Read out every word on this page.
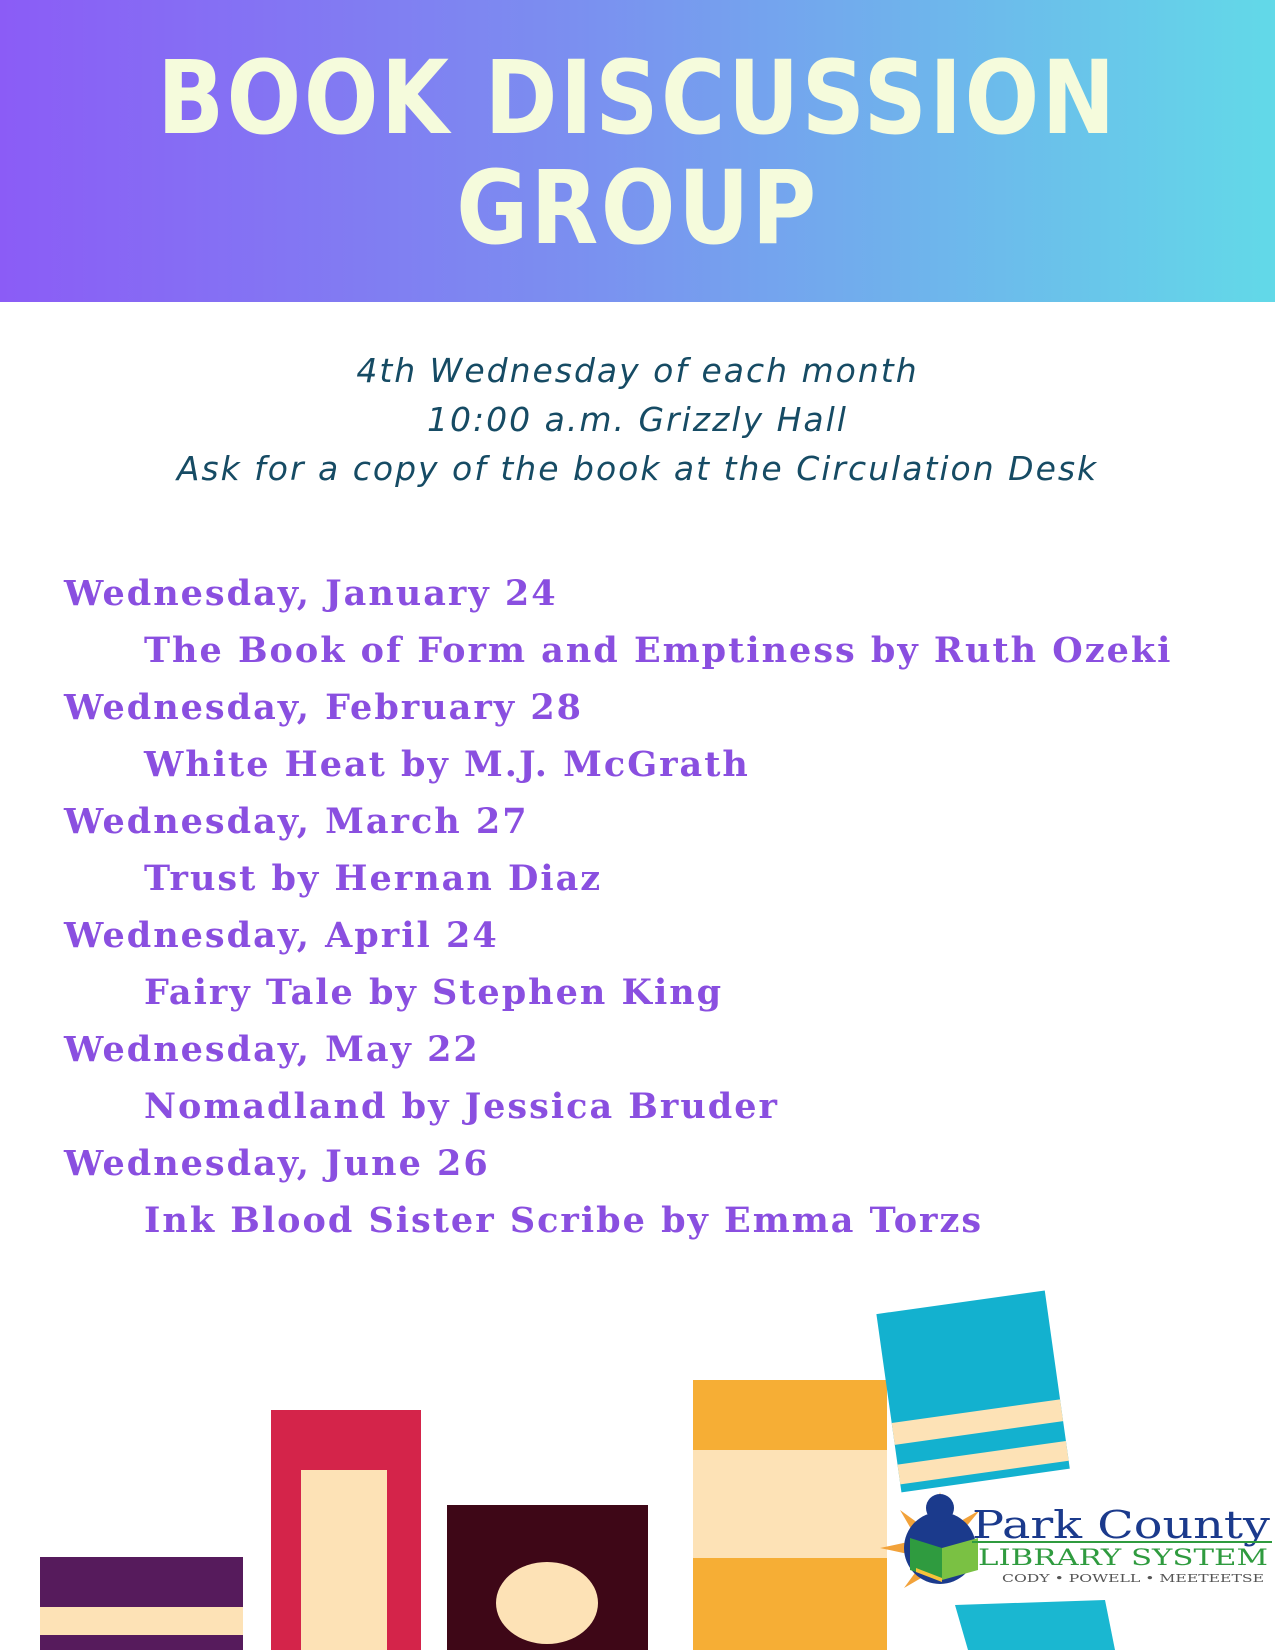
BOOK DISCUSSION
GROUP
4th Wednesday of each month
10:00 a.m. Grizzly Hall
Ask for a copy of the book at the Circulation Desk
Wednesday, January 24
The Book of Form and Emptiness by Ruth Ozeki
Wednesday, February 28
White Heat by M.J. McGrath
Wednesday, March 27
Trust by Hernan Diaz
Wednesday, April 24
Fairy Tale by Stephen King
Wednesday, May 22
Nomadland by Jessica Bruder
Wednesday, June 26
Ink Blood Sister Scribe by Emma Torzs
Park County
LIBRARY SYSTEM
CODY • POWELL • MEETEETSE
